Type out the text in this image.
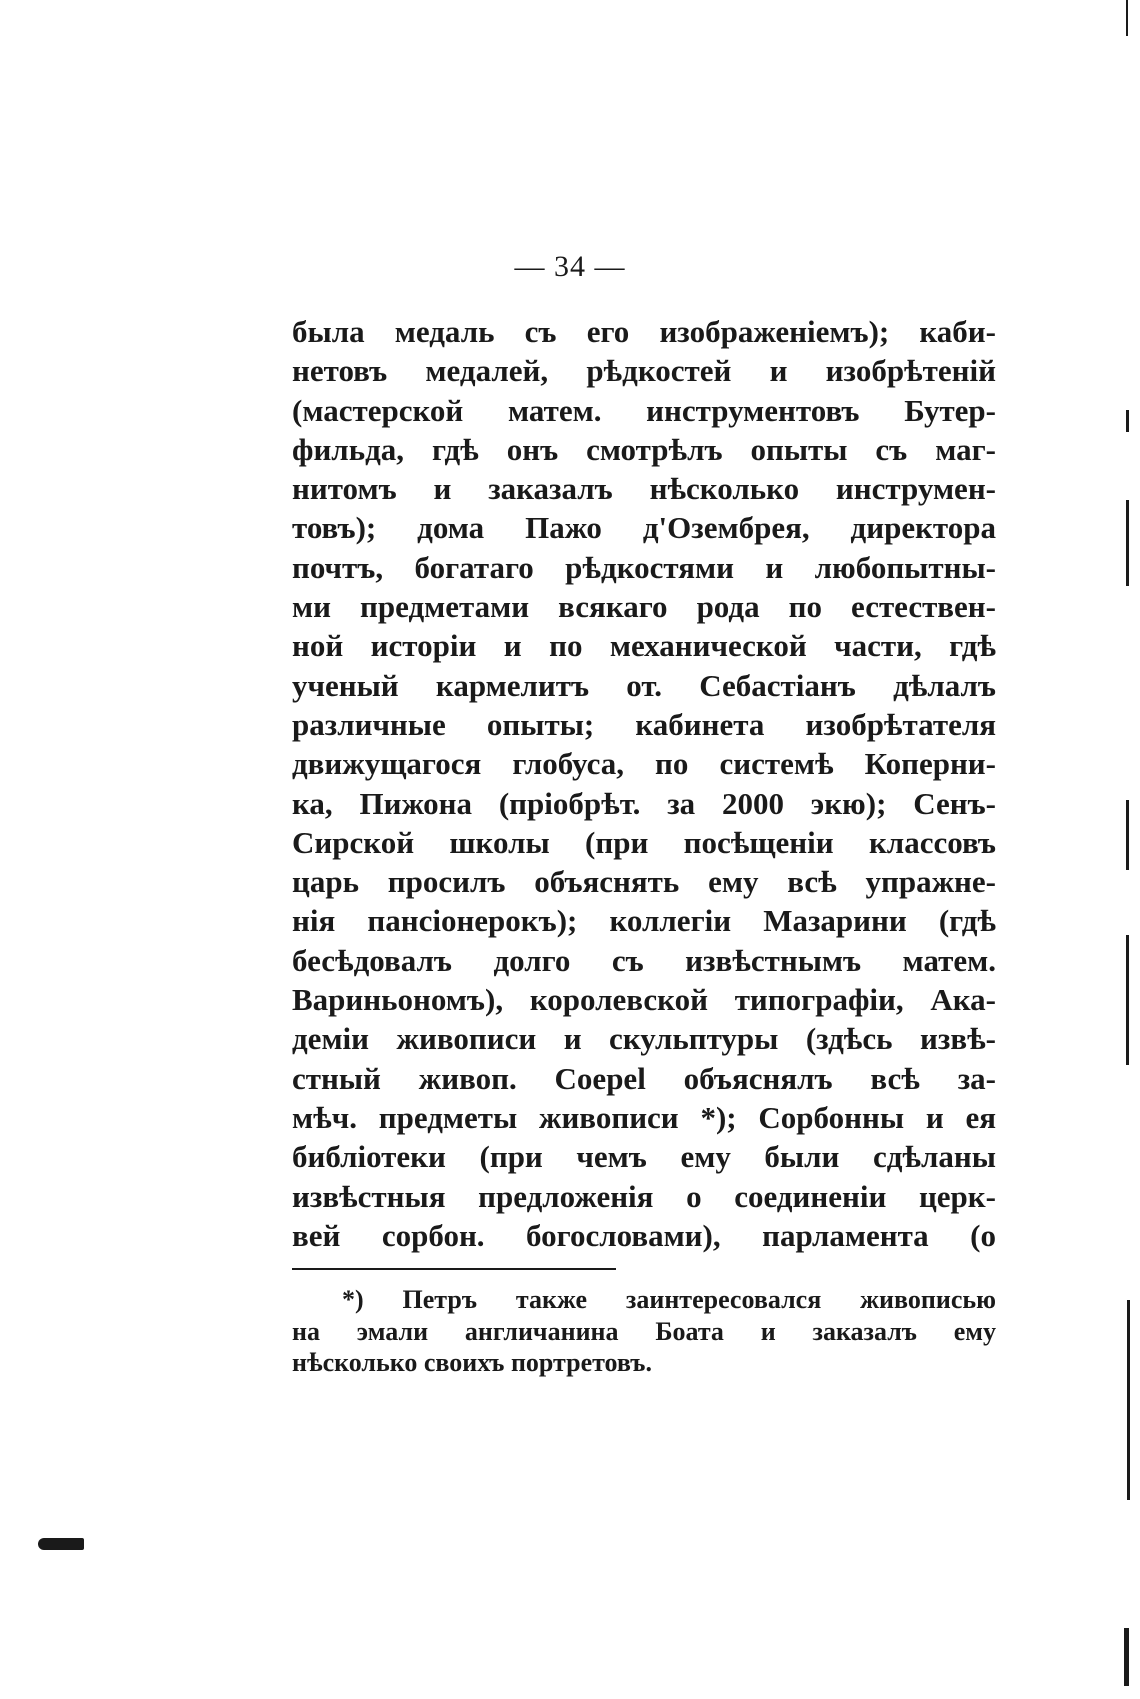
— 34 —
была медаль съ его изображеніемъ); каби-
нетовъ медалей, рѣдкостей и изобрѣтеній
(мастерской матем. инструментовъ Бутер-
фильда, гдѣ онъ смотрѣлъ опыты съ маг-
нитомъ и заказалъ нѣсколько инструмен-
товъ); дома Пажо д'Озембрея, директора
почтъ, богатаго рѣдкостями и любопытны-
ми предметами всякаго рода по естествен-
ной исторіи и по механической части, гдѣ
ученый кармелитъ от. Себастіанъ дѣлалъ
различные опыты; кабинета изобрѣтателя
движущагося глобуса, по системѣ Коперни-
ка, Пижона (пріобрѣт. за 2000 экю); Сенъ-
Сирской школы (при посѣщеніи классовъ
царь просилъ объяснять ему всѣ упражне-
нія пансіонерокъ); коллегіи Мазарини (гдѣ
бесѣдовалъ долго съ извѣстнымъ матем.
Вариньономъ), королевской типографіи, Ака-
деміи живописи и скульптуры (здѣсь извѣ-
стный живоп. Coepel объяснялъ всѣ за-
мѣч. предметы живописи *); Сорбонны и ея
библіотеки (при чемъ ему были сдѣланы
извѣстныя предложенія о соединеніи церк-
вей сорбон. богословами), парламента (о
*) Петръ также заинтересовался живописью
на эмали англичанина Боата и заказалъ ему
нѣсколько своихъ портретовъ.
